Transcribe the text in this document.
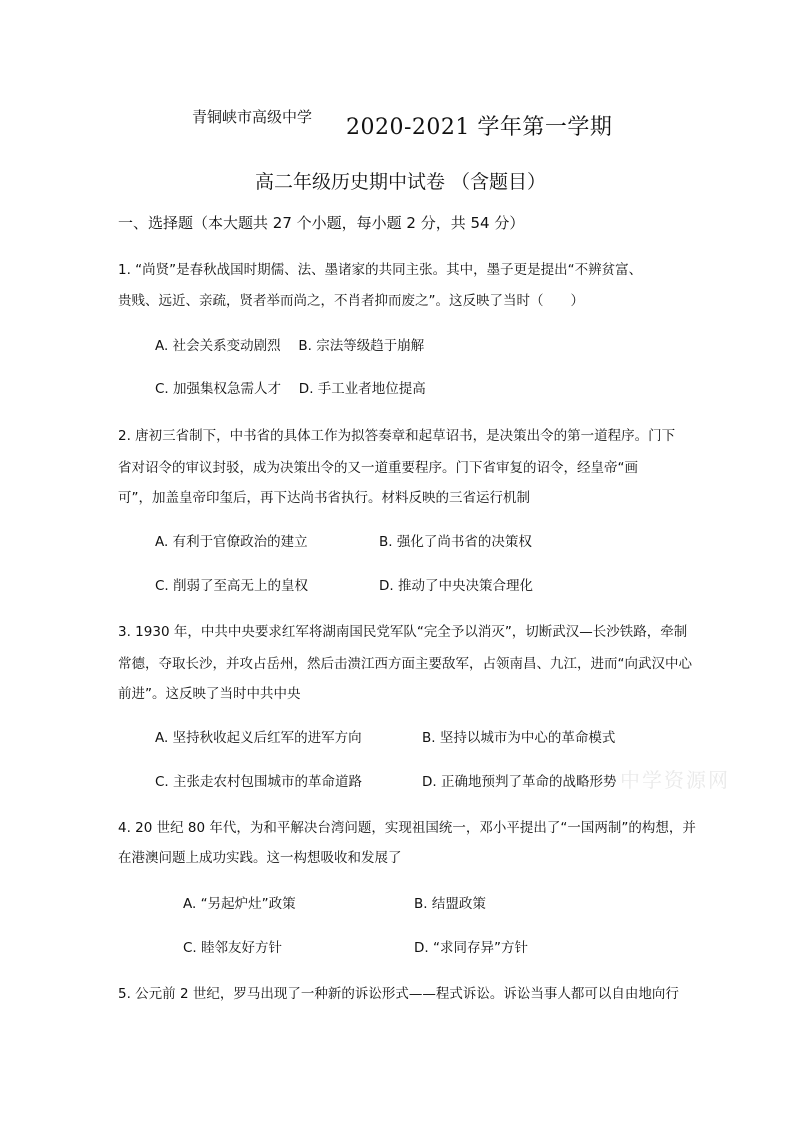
青铜峡市高级中学 2020-2021 学年第一学期
高二年级历史期中试卷 （含题目）
一、选择题（本大题共 27 个小题，每小题 2 分，共 54 分）
1. “尚贤”是春秋战国时期儒、法、墨诸家的共同主张。其中，墨子更是提出“不辨贫富、
贵贱、远近、亲疏，贤者举而尚之，不肖者抑而废之”。这反映了当时（　　）
A. 社会关系变动剧烈　 B. 宗法等级趋于崩解
C. 加强集权急需人才　 D. 手工业者地位提高
2. 唐初三省制下，中书省的具体工作为拟答奏章和起草诏书，是决策出令的第一道程序。门下
省对诏令的审议封驳，成为决策出令的又一道重要程序。门下省审复的诏令，经皇帝“画
可”，加盖皇帝印玺后，再下达尚书省执行。材料反映的三省运行机制
A. 有利于官僚政治的建立	B. 强化了尚书省的决策权
C. 削弱了至高无上的皇权	D. 推动了中央决策合理化
3. 1930 年，中共中央要求红军将湖南国民党军队“完全予以消灭”，切断武汉—长沙铁路，牵制
常德，夺取长沙，并攻占岳州，然后击溃江西方面主要敌军，占领南昌、九江，进而“向武汉中心
前进”。这反映了当时中共中央
A. 坚持秋收起义后红军的进军方向	B. 坚持以城市为中心的革命模式
C. 主张走农村包围城市的革命道路	D. 正确地预判了革命的战略形势 中学资源网
4. 20 世纪 80 年代，为和平解决台湾问题，实现祖国统一，邓小平提出了“一国两制”的构想，并
在港澳问题上成功实践。这一构想吸收和发展了
A. “另起炉灶”政策	B. 结盟政策
C. 睦邻友好方针	D. “求同存异”方针
5. 公元前 2 世纪，罗马出现了一种新的诉讼形式——程式诉讼。诉讼当事人都可以自由地向行
